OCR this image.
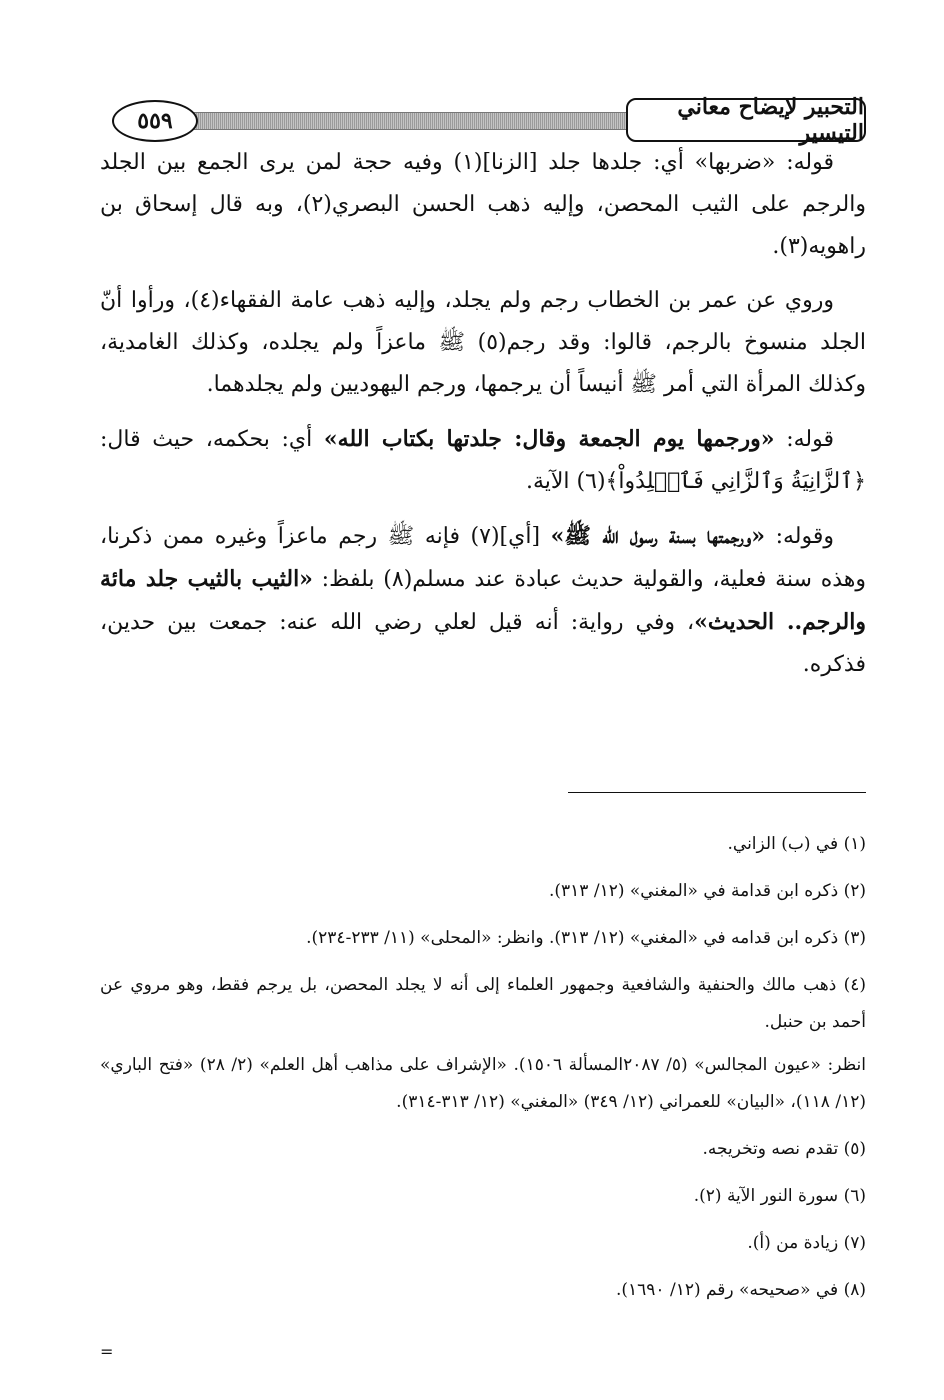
٥٥٩
التحبير لإيضاح معاني التيسير

قوله: «ضربها» أي: جلدها جلد [الزنا](١) وفيه حجة لمن يرى الجمع بين الجلد والرجم على الثيب المحصن، وإليه ذهب الحسن البصري(٢)، وبه قال إسحاق بن راهويه(٣).

وروي عن عمر بن الخطاب رجم ولم يجلد، وإليه ذهب عامة الفقهاء(٤)، ورأوا أنّ الجلد منسوخ بالرجم، قالوا: وقد رجم(٥) ﷺ ماعزاً ولم يجلده، وكذلك الغامدية، وكذلك المرأة التي أمر ﷺ أنيساً أن يرجمها، ورجم اليهوديين ولم يجلدهما.

قوله: «ورجمها يوم الجمعة وقال: جلدتها بكتاب الله» أي: بحكمه، حيث قال: ﴿ٱلزَّانِيَةُ وَٱلزَّانِي فَٱجۡلِدُواْ﴾(٦) الآية.

وقوله: «ورجمتها بسنة رسول الله ﷺ» [أي](٧) فإنه ﷺ رجم ماعزاً وغيره ممن ذكرنا، وهذه سنة فعلية، والقولية حديث عبادة عند مسلم(٨) بلفظ: «الثيب بالثيب جلد مائة والرجم.. الحديث»، وفي رواية: أنه قيل لعلي رضي الله عنه: جمعت بين حدين، فذكره.

(١) في (ب) الزاني.

(٢) ذكره ابن قدامة في «المغني» (١٢/ ٣١٣).

(٣) ذكره ابن قدامه في «المغني» (١٢/ ٣١٣). وانظر: «المحلى» (١١/ ٢٣٣-٢٣٤).

(٤) ذهب مالك والحنفية والشافعية وجمهور العلماء إلى أنه لا يجلد المحصن، بل يرجم فقط، وهو مروي عن أحمد بن حنبل.

انظر: «عيون المجالس» (٥/ ٢٠٨٧المسألة ١٥٠٦). «الإشراف على مذاهب أهل العلم» (٢/ ٢٨) «فتح الباري» (١٢/ ١١٨)، «البيان» للعمراني (١٢/ ٣٤٩) «المغني» (١٢/ ٣١٣-٣١٤).

(٥) تقدم نصه وتخريجه.

(٦) سورة النور الآية (٢).

(٧) زيادة من (أ).

(٨) في «صحيحه» رقم (١٢/ ١٦٩٠).

=
